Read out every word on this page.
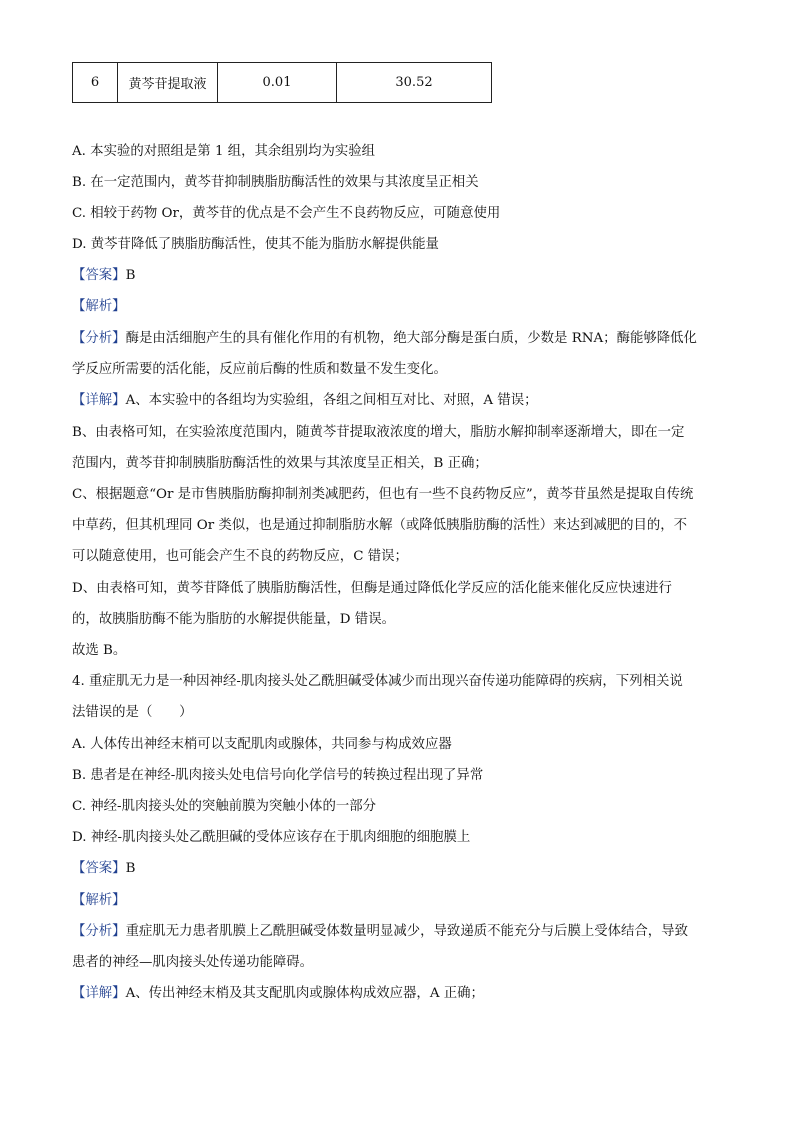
6	黄芩苷提取液	0.01	30.52
A. 本实验的对照组是第 1 组，其余组别均为实验组
B. 在一定范围内，黄芩苷抑制胰脂肪酶活性的效果与其浓度呈正相关
C. 相较于药物 Or，黄芩苷的优点是不会产生不良药物反应，可随意使用
D. 黄芩苷降低了胰脂肪酶活性，使其不能为脂肪水解提供能量
【答案】B
【解析】
【分析】酶是由活细胞产生的具有催化作用的有机物，绝大部分酶是蛋白质，少数是 RNA；酶能够降低化
学反应所需要的活化能，反应前后酶的性质和数量不发生变化。
【详解】A、本实验中的各组均为实验组，各组之间相互对比、对照，A 错误；
B、由表格可知，在实验浓度范围内，随黄芩苷提取液浓度的增大，脂肪水解抑制率逐渐增大，即在一定
范围内，黄芩苷抑制胰脂肪酶活性的效果与其浓度呈正相关，B 正确；
C、根据题意“Or 是市售胰脂肪酶抑制剂类减肥药，但也有一些不良药物反应”，黄芩苷虽然是提取自传统
中草药，但其机理同 Or 类似，也是通过抑制脂肪水解（或降低胰脂肪酶的活性）来达到减肥的目的，不
可以随意使用，也可能会产生不良的药物反应，C 错误；
D、由表格可知，黄芩苷降低了胰脂肪酶活性，但酶是通过降低化学反应的活化能来催化反应快速进行
的，故胰脂肪酶不能为脂肪的水解提供能量，D 错误。
故选 B。
4. 重症肌无力是一种因神经-肌肉接头处乙酰胆碱受体减少而出现兴奋传递功能障碍的疾病，下列相关说
法错误的是（　　）
A. 人体传出神经末梢可以支配肌肉或腺体，共同参与构成效应器
B. 患者是在神经-肌肉接头处电信号向化学信号的转换过程出现了异常
C. 神经-肌肉接头处的突触前膜为突触小体的一部分
D. 神经-肌肉接头处乙酰胆碱的受体应该存在于肌肉细胞的细胞膜上
【答案】B
【解析】
【分析】重症肌无力患者肌膜上乙酰胆碱受体数量明显减少，导致递质不能充分与后膜上受体结合，导致
患者的神经—肌肉接头处传递功能障碍。
【详解】A、传出神经末梢及其支配肌肉或腺体构成效应器，A 正确；
